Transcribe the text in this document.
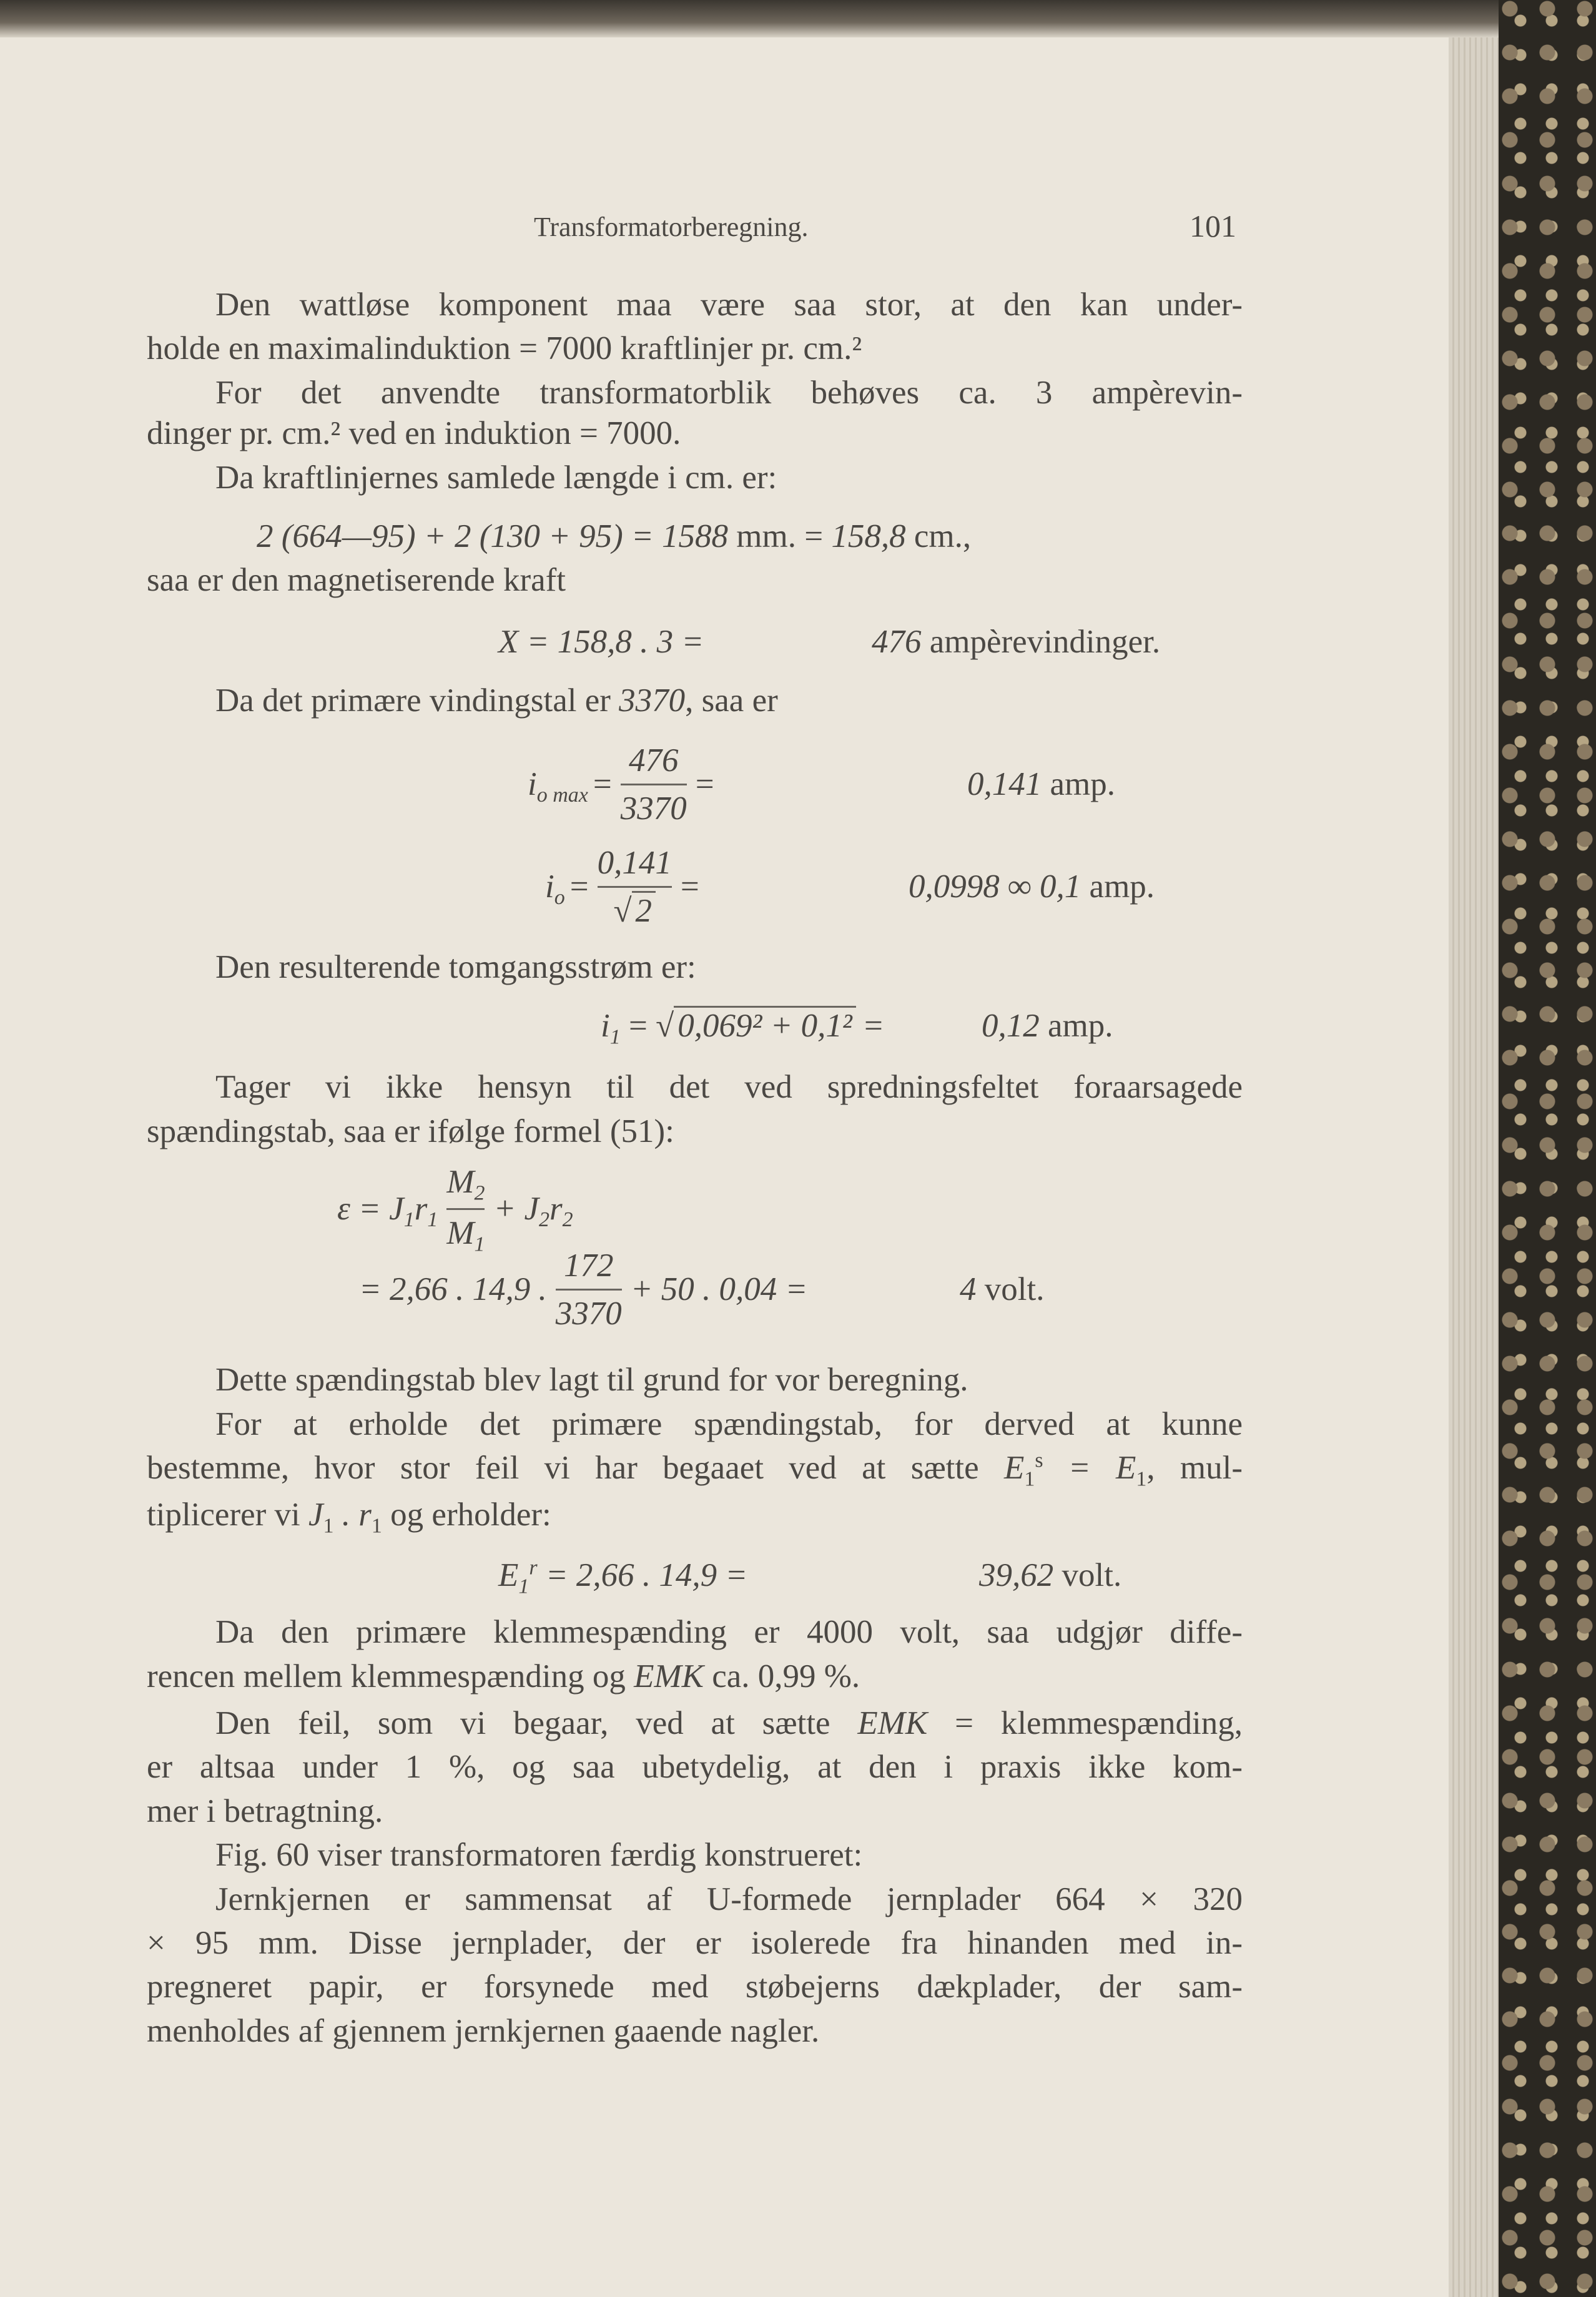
Transformatorberegning.	101
Den wattløse komponent maa være saa stor, at den kan under-
holde en maximalinduktion = 7000 kraftlinjer pr. cm.²
For det anvendte transformatorblik behøves ca. 3 ampèrevin-
dinger pr. cm.² ved en induktion = 7000.
Da kraftlinjernes samlede længde i cm. er:
2 (664—95) + 2 (130 + 95) = 1588 mm. = 158,8 cm.,
saa er den magnetiserende kraft
X = 158,8 . 3 =	476 ampèrevindinger.
Da det primære vindingstal er 3370, saa er
$i_{o max} = \frac{476}{3370}$ =	0,141 amp.
$i_o = \frac{0,141}{√ 2}$ =	0,0998 ∞ 0,1 amp.
Den resulterende tomgangsstrøm er:
$i_1$ = √ 0,069² + 0,1² =	0,12 amp.
Tager vi ikke hensyn til det ved spredningsfeltet foraarsagede
spændingstab, saa er ifølge formel (51):
$\varepsilon = J_1$ $r_1 \frac{M_2}{M_1} + J_2$ $r_2$
= 2,66 . 14,9 . $\frac{172}{3370} + 50$ . 0,04 =	4 volt.
Dette spændingstab blev lagt til grund for vor beregning.
For at erholde det primære spændingstab, for derved at kunne
bestemme, hvor stor feil vi har begaaet ved at sætte $E_1^s = E_1$, mul-
tiplicerer vi $J_1$ . $r_1$ og erholder:
$E_1^r = 2,66$ . 14,9 =	39,62 volt.
Da den primære klemmespænding er 4000 volt, saa udgjør diffe-
rencen mellem klemmespænding og EMK ca. 0,99 %.
Den feil, som vi begaar, ved at sætte EMK = klemmespænding,
er altsaa under 1 %, og saa ubetydelig, at den i praxis ikke kom-
mer i betragtning.
Fig. 60 viser transformatoren færdig konstrueret:
Jernkjernen er sammensat af U-formede jernplader 664 × 320
× 95 mm. Disse jernplader, der er isolerede fra hinanden med in-
pregneret papir, er forsynede med støbejerns dækplader, der sam-
menholdes af gjennem jernkjernen gaaende nagler.
